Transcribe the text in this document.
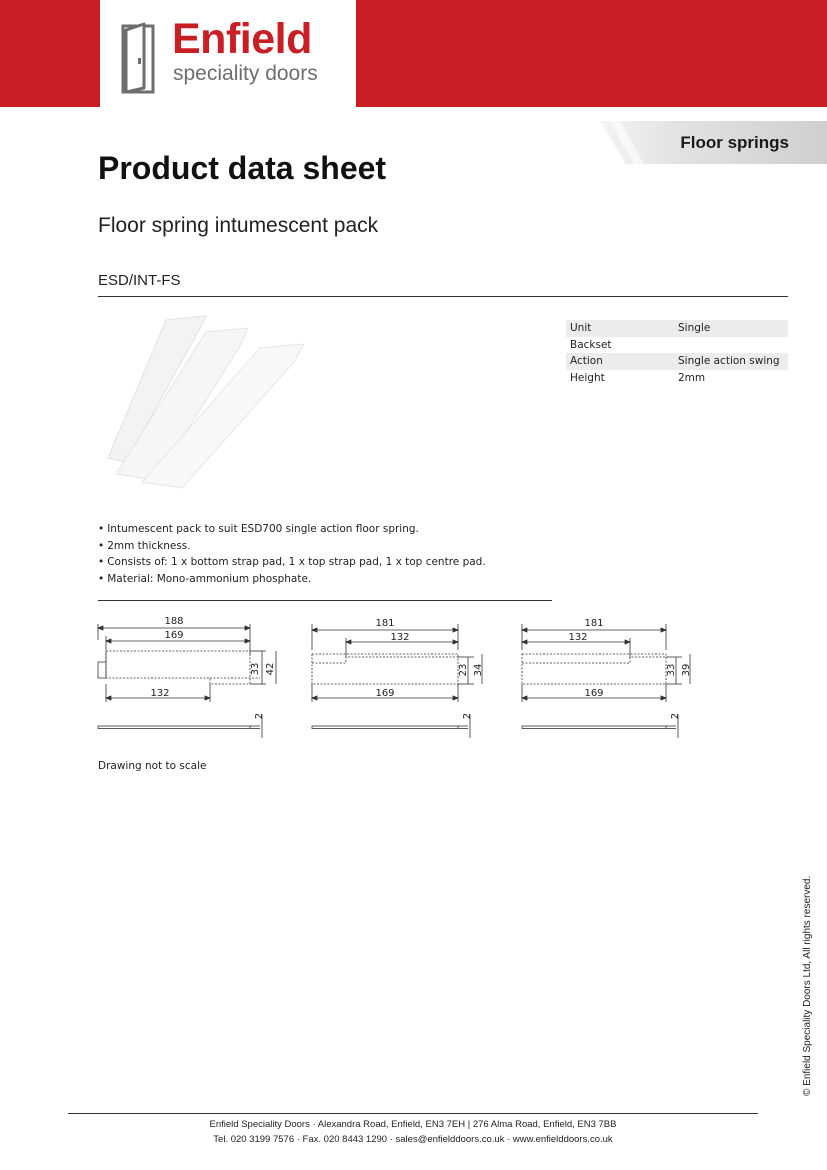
Enfield
speciality doors
Floor springs
Product data sheet
Floor spring intumescent pack
ESD/INT-FS
Unit	Single
Backset	
Action	Single action swing
Height	2mm
• Intumescent pack to suit ESD700 single action floor spring.
• 2mm thickness.
• Consists of: 1 x bottom strap pad, 1 x top strap pad, 1 x top centre pad.
• Material: Mono-ammonium phosphate.
188
169
33 42
132
2
181
132
23 34
169
2
181
132
33 39
169
2
Drawing not to scale
© Enfield Speciality Doors Ltd, All rights reserved.
Enfield Speciality Doors · Alexandra Road, Enfield, EN3 7EH | 276 Alma Road, Enfield, EN3 7BB
Tel. 020 3199 7576 · Fax. 020 8443 1290 · sales@enfielddoors.co.uk · www.enfielddoors.co.uk
